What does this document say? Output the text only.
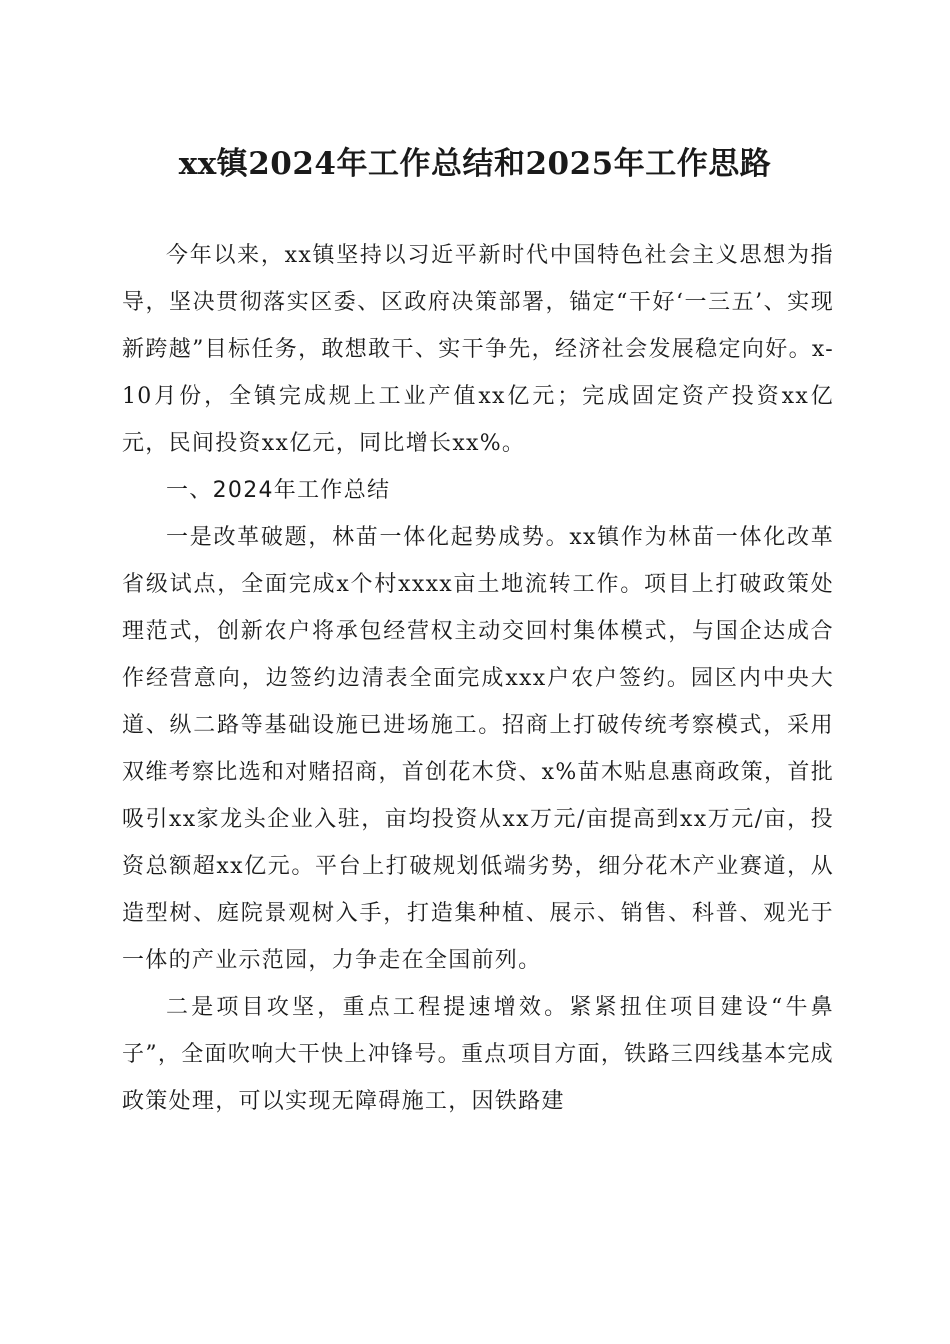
xx镇2024年工作总结和2025年工作思路

今年以来，xx镇坚持以习近平新时代中国特色社会主义思想为指导，坚决贯彻落实区委、区政府决策部署，锚定“干好‘一三五’、实现新跨越”目标任务，敢想敢干、实干争先，经济社会发展稳定向好。x-10月份，全镇完成规上工业产值xx亿元；完成固定资产投资xx亿元，民间投资xx亿元，同比增长xx%。

一、2024年工作总结

一是改革破题，林苗一体化起势成势。xx镇作为林苗一体化改革省级试点，全面完成x个村xxxx亩土地流转工作。项目上打破政策处理范式，创新农户将承包经营权主动交回村集体模式，与国企达成合作经营意向，边签约边清表全面完成xxx户农户签约。园区内中央大道、纵二路等基础设施已进场施工。招商上打破传统考察模式，采用双维考察比选和对赌招商，首创花木贷、x%苗木贴息惠商政策，首批吸引xx家龙头企业入驻，亩均投资从xx万元/亩提高到xx万元/亩，投资总额超xx亿元。平台上打破规划低端劣势，细分花木产业赛道，从造型树、庭院景观树入手，打造集种植、展示、销售、科普、观光于一体的产业示范园，力争走在全国前列。

二是项目攻坚，重点工程提速增效。紧紧扭住项目建设“牛鼻子”，全面吹响大干快上冲锋号。重点项目方面，铁路三四线基本完成政策处理，可以实现无障碍施工，因铁路建
